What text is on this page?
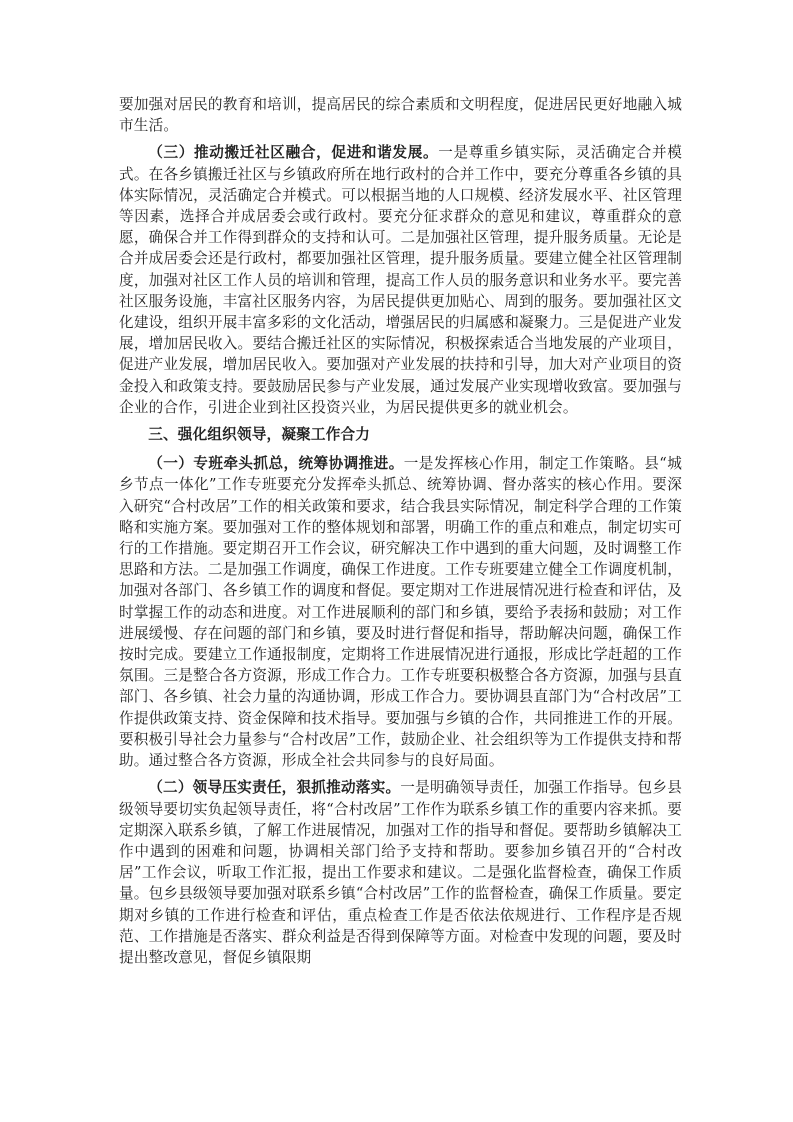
要加强对居民的教育和培训，提高居民的综合素质和文明程度，促进居民更好地融入城市生活。

（三）推动搬迁社区融合，促进和谐发展。一是尊重乡镇实际，灵活确定合并模式。在各乡镇搬迁社区与乡镇政府所在地行政村的合并工作中，要充分尊重各乡镇的具体实际情况，灵活确定合并模式。可以根据当地的人口规模、经济发展水平、社区管理等因素，选择合并成居委会或行政村。要充分征求群众的意见和建议，尊重群众的意愿，确保合并工作得到群众的支持和认可。二是加强社区管理，提升服务质量。无论是合并成居委会还是行政村，都要加强社区管理，提升服务质量。要建立健全社区管理制度，加强对社区工作人员的培训和管理，提高工作人员的服务意识和业务水平。要完善社区服务设施，丰富社区服务内容，为居民提供更加贴心、周到的服务。要加强社区文化建设，组织开展丰富多彩的文化活动，增强居民的归属感和凝聚力。三是促进产业发展，增加居民收入。要结合搬迁社区的实际情况，积极探索适合当地发展的产业项目，促进产业发展，增加居民收入。要加强对产业发展的扶持和引导，加大对产业项目的资金投入和政策支持。要鼓励居民参与产业发展，通过发展产业实现增收致富。要加强与企业的合作，引进企业到社区投资兴业，为居民提供更多的就业机会。

三、强化组织领导，凝聚工作合力

（一）专班牵头抓总，统筹协调推进。一是发挥核心作用，制定工作策略。县“城乡节点一体化”工作专班要充分发挥牵头抓总、统筹协调、督办落实的核心作用。要深入研究“合村改居”工作的相关政策和要求，结合我县实际情况，制定科学合理的工作策略和实施方案。要加强对工作的整体规划和部署，明确工作的重点和难点，制定切实可行的工作措施。要定期召开工作会议，研究解决工作中遇到的重大问题，及时调整工作思路和方法。二是加强工作调度，确保工作进度。工作专班要建立健全工作调度机制，加强对各部门、各乡镇工作的调度和督促。要定期对工作进展情况进行检查和评估，及时掌握工作的动态和进度。对工作进展顺利的部门和乡镇，要给予表扬和鼓励；对工作进展缓慢、存在问题的部门和乡镇，要及时进行督促和指导，帮助解决问题，确保工作按时完成。要建立工作通报制度，定期将工作进展情况进行通报，形成比学赶超的工作氛围。三是整合各方资源，形成工作合力。工作专班要积极整合各方资源，加强与县直部门、各乡镇、社会力量的沟通协调，形成工作合力。要协调县直部门为“合村改居”工作提供政策支持、资金保障和技术指导。要加强与乡镇的合作，共同推进工作的开展。要积极引导社会力量参与“合村改居”工作，鼓励企业、社会组织等为工作提供支持和帮助。通过整合各方资源，形成全社会共同参与的良好局面。

（二）领导压实责任，狠抓推动落实。一是明确领导责任，加强工作指导。包乡县级领导要切实负起领导责任，将“合村改居”工作作为联系乡镇工作的重要内容来抓。要定期深入联系乡镇，了解工作进展情况，加强对工作的指导和督促。要帮助乡镇解决工作中遇到的困难和问题，协调相关部门给予支持和帮助。要参加乡镇召开的“合村改居”工作会议，听取工作汇报，提出工作要求和建议。二是强化监督检查，确保工作质量。包乡县级领导要加强对联系乡镇“合村改居”工作的监督检查，确保工作质量。要定期对乡镇的工作进行检查和评估，重点检查工作是否依法依规进行、工作程序是否规范、工作措施是否落实、群众利益是否得到保障等方面。对检查中发现的问题，要及时提出整改意见，督促乡镇限期
